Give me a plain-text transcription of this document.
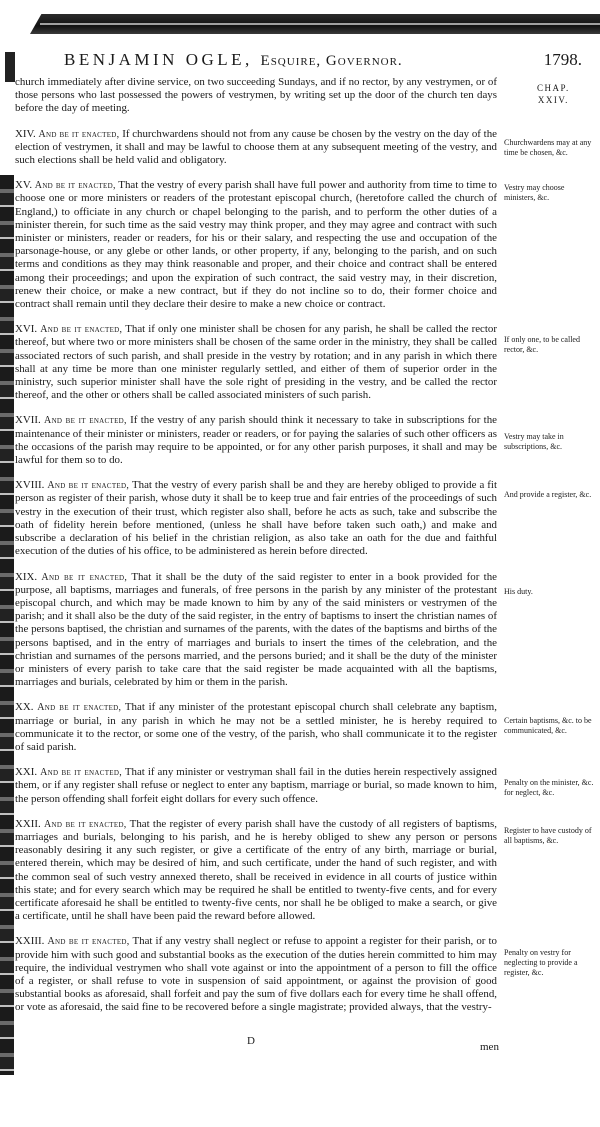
BENJAMIN OGLE, Esquire, Governor.	1798.
CHAP.
XXIV.

church immediately after divine service, on two succeeding Sundays, and if no rector, by any vestrymen, or of those persons who last possessed the powers of vestrymen, by writing set up the door of the church ten days before the day of meeting.

XIV. And be it enacted, If churchwardens should not from any cause be chosen by the vestry on the day of the election of vestrymen, it shall and may be lawful to choose them at any subsequent meeting of the vestry, and such elections shall be held valid and obligatory.

XV. And be it enacted, That the vestry of every parish shall have full power and authority from time to time to choose one or more ministers or readers of the protestant episcopal church, (heretofore called the church of England,) to officiate in any church or chapel belonging to the parish, and to perform the other duties of a minister therein, for such time as the said vestry may think proper, and they may agree and contract with such minister or ministers, reader or readers, for his or their salary, and respecting the use and occupation of the parsonage-house, or any glebe or other lands, or other property, if any, belonging to the parish, and on such terms and conditions as they may think reasonable and proper, and their choice and contract shall be entered among their proceedings; and upon the expiration of such contract, the said vestry may, in their discretion, renew their choice, or make a new contract, but if they do not incline so to do, their former choice and contract shall remain until they declare their desire to make a new choice or contract.

XVI. And be it enacted, That if only one minister shall be chosen for any parish, he shall be called the rector thereof, but where two or more ministers shall be chosen of the same order in the ministry, they shall be called associated rectors of such parish, and shall preside in the vestry by rotation; and in any parish in which there shall at any time be more than one minister regularly settled, and either of them of superior order in the ministry, such superior minister shall have the sole right of presiding in the vestry, and be called the rector thereof, and the other or others shall be called associated ministers of such parish.

XVII. And be it enacted, If the vestry of any parish should think it necessary to take in subscriptions for the maintenance of their minister or ministers, reader or readers, or for paying the salaries of such other officers as the occasions of the parish may require to be appointed, or for any other parish purposes, it shall and may be lawful for them so to do.

XVIII. And be it enacted, That the vestry of every parish shall be and they are hereby obliged to provide a fit person as register of their parish, whose duty it shall be to keep true and fair entries of the proceedings of such vestry in the execution of their trust, which register also shall, before he acts as such, take and subscribe the oath of fidelity herein before mentioned, (unless he shall have before taken such oath,) and make and subscribe a declaration of his belief in the christian religion, as also take an oath for the due and faithful execution of the duties of his office, to be administered as herein before directed.

XIX. And be it enacted, That it shall be the duty of the said register to enter in a book provided for the purpose, all baptisms, marriages and funerals, of free persons in the parish by any minister of the protestant episcopal church, and which may be made known to him by any of the said ministers or vestrymen of the parish; and it shall also be the duty of the said register, in the entry of baptisms to insert the christian names of the persons baptised, the christian and surnames of the parents, with the dates of the baptisms and births of the persons baptised, and in the entry of marriages and burials to insert the times of the celebration, and the christian and surnames of the persons married, and the persons buried; and it shall be the duty of the minister or ministers of every parish to take care that the said register be made acquainted with all the baptisms, marriages and burials, celebrated by him or them in the parish.

XX. And be it enacted, That if any minister of the protestant episcopal church shall celebrate any baptism, marriage or burial, in any parish in which he may not be a settled minister, he is hereby required to communicate it to the rector, or some one of the vestry, of the parish, who shall communicate it to the register of said parish.

XXI. And be it enacted, That if any minister or vestryman shall fail in the duties herein respectively assigned them, or if any register shall refuse or neglect to enter any baptism, marriage or burial, so made known to him, the person offending shall forfeit eight dollars for every such offence.

XXII. And be it enacted, That the register of every parish shall have the custody of all registers of baptisms, marriages and burials, belonging to his parish, and he is hereby obliged to shew any person or persons reasonably desiring it any such register, or give a certificate of the entry of any birth, marriage or burial, entered therein, which may be desired of him, and such certificate, under the hand of such register, and with the common seal of such vestry annexed thereto, shall be received in evidence in all courts of justice within this state; and for every search which may be required he shall be entitled to twenty-five cents, and for every certificate aforesaid he shall be entitled to twenty-five cents, nor shall he be obliged to make a search, or give a certificate, until he shall have been paid the reward before allowed.

XXIII. And be it enacted, That if any vestry shall neglect or refuse to appoint a register for their parish, or to provide him with such good and substantial books as the execution of the duties herein committed to him may require, the individual vestrymen who shall vote against or into the appointment of a person to fill the office of a register, or shall refuse to vote in suspension of said appointment, or against the provision of good substantial books as aforesaid, shall forfeit and pay the sum of five dollars each for every time he shall offend, or vote as aforesaid, the said fine to be recovered before a single magistrate; provided always, that the vestry-

Churchwardens may at any time be chosen, &c.
Vestry may choose ministers, &c.
If only one, to be called rector, &c.
Vestry may take in subscriptions, &c.
And provide a register, &c.
His duty.
Certain baptisms, &c. to be communicated, &c.
Penalty on the minister, &c. for neglect, &c.
Register to have custody of all baptisms, &c.
Penalty on vestry for neglecting to provide a register, &c.
D	men
